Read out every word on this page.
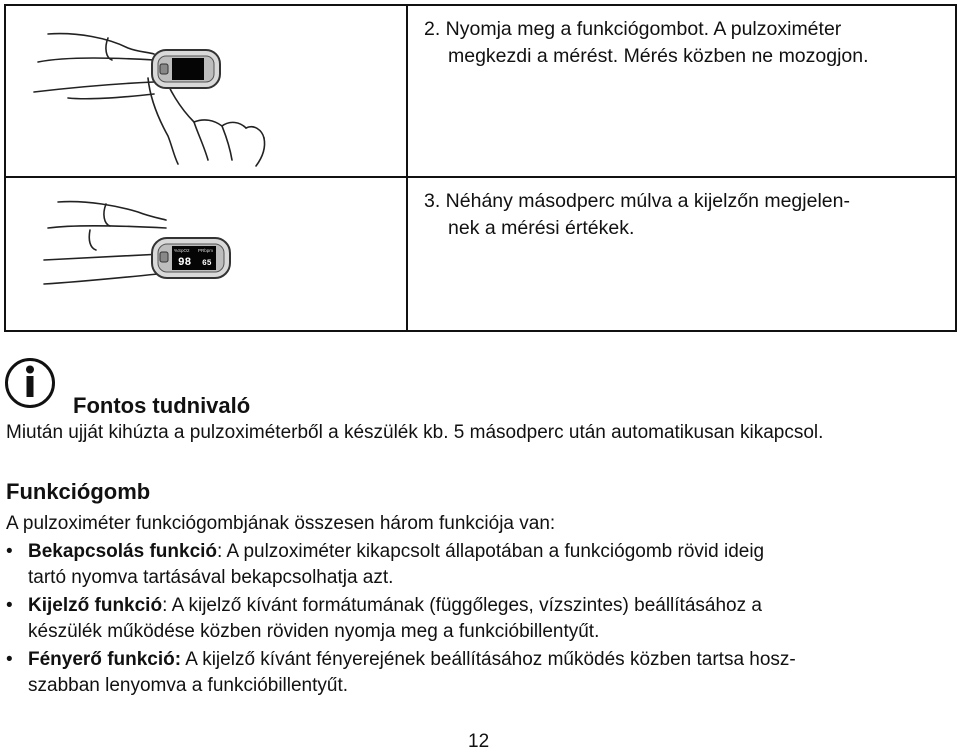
2. Nyomja meg a funkciógombot. A pulzoximéter
megkezdi a mérést. Mérés közben ne mozogjon.
%SpO2 PRbpm
98 65
3. Néhány másodperc múlva a kijelzőn megjelen-
nek a mérési értékek.
Fontos tudnivaló
Miután ujját kihúzta a pulzoximéterből a készülék kb. 5 másodperc után automatikusan kikapcsol.
Funkciógomb
A pulzoximéter funkciógombjának összesen három funkciója van:
• Bekapcsolás funkció: A pulzoximéter kikapcsolt állapotában a funkciógomb rövid ideig
tartó nyomva tartásával bekapcsolhatja azt.
• Kijelző funkció: A kijelző kívánt formátumának (függőleges, vízszintes) beállításához a
készülék működése közben röviden nyomja meg a funkcióbillentyűt.
• Fényerő funkció: A kijelző kívánt fényerejének beállításához működés közben tartsa hosz-
szabban lenyomva a funkcióbillentyűt.
12
